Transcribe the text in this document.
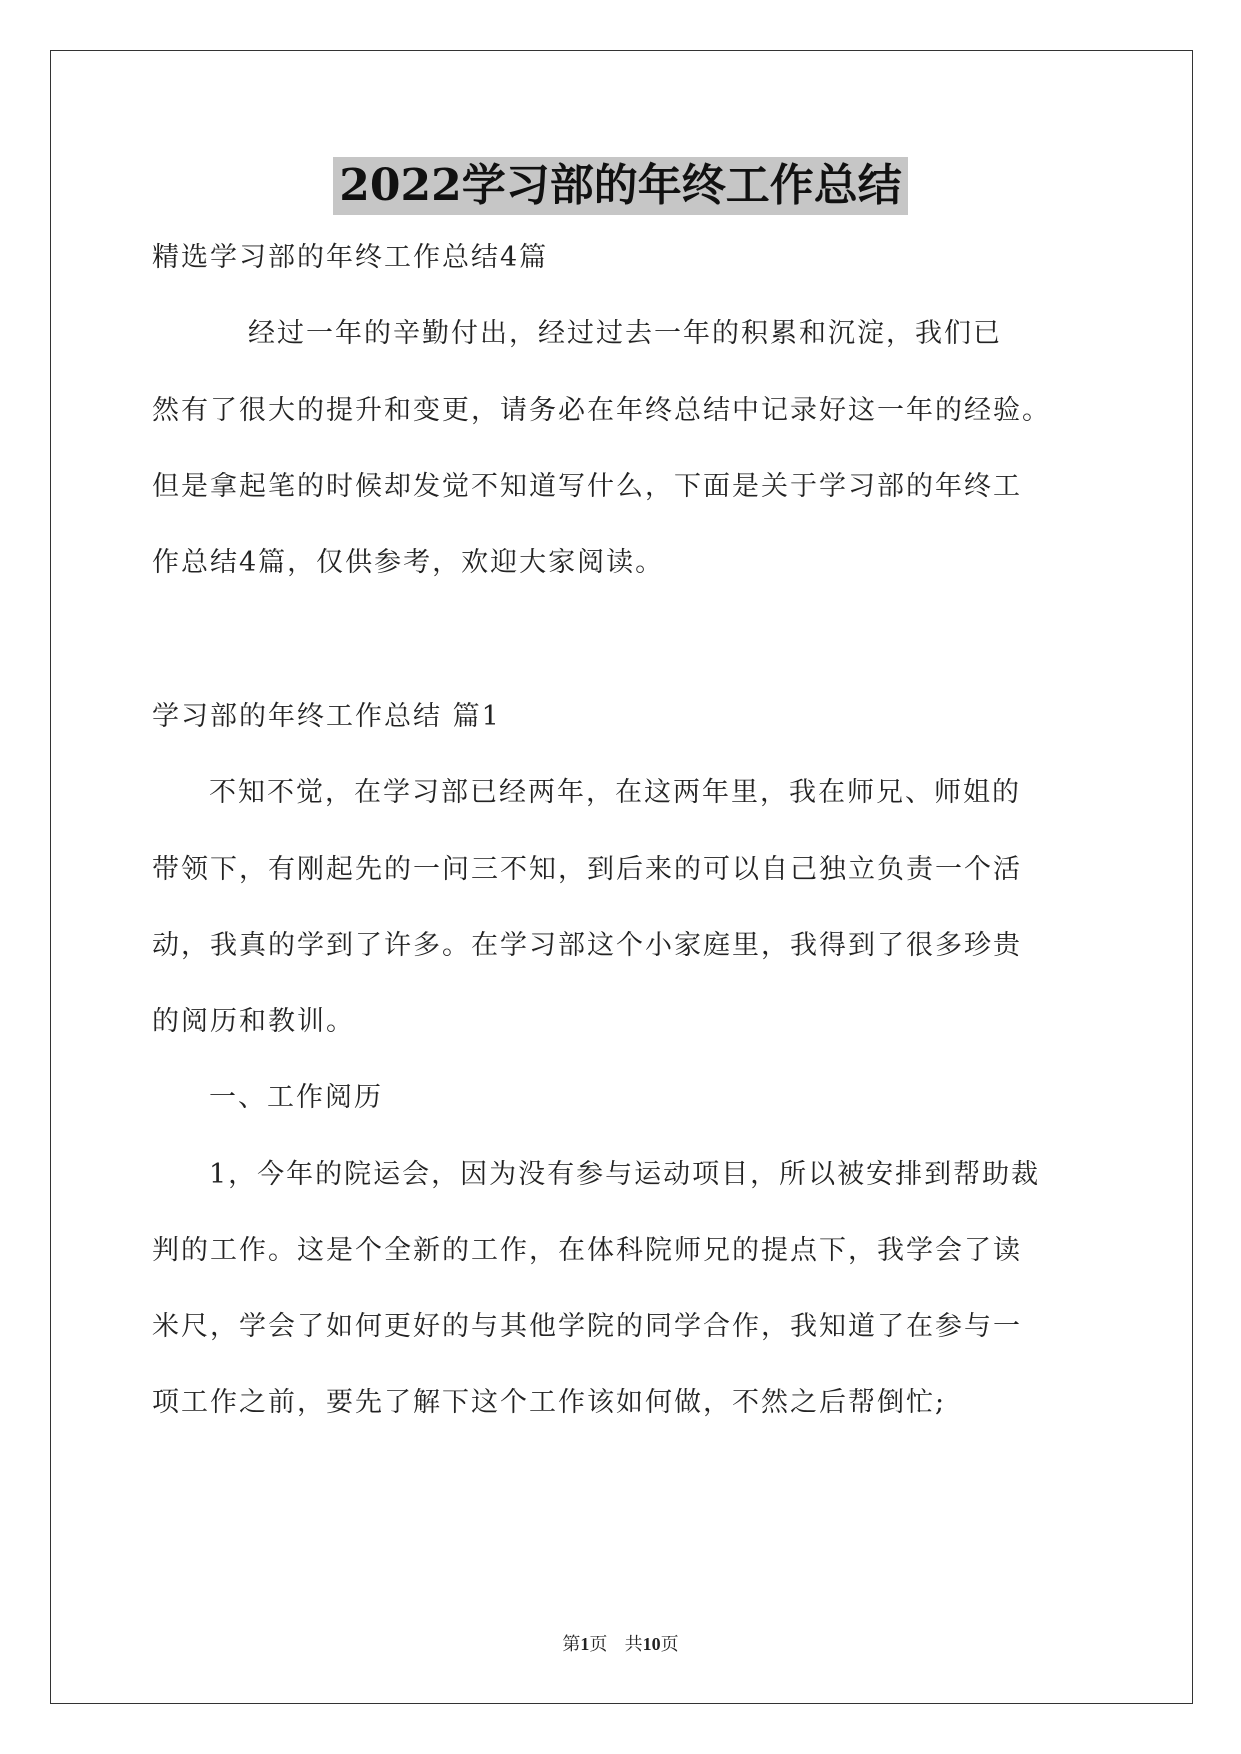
2022学习部的年终工作总结
精选学习部的年终工作总结4篇
经过一年的辛勤付出，经过过去一年的积累和沉淀，我们已
然有了很大的提升和变更，请务必在年终总结中记录好这一年的经验。
但是拿起笔的时候却发觉不知道写什么，下面是关于学习部的年终工
作总结4篇，仅供参考，欢迎大家阅读。
学习部的年终工作总结 篇1
不知不觉，在学习部已经两年，在这两年里，我在师兄、师姐的
带领下，有刚起先的一问三不知，到后来的可以自己独立负责一个活
动，我真的学到了许多。在学习部这个小家庭里，我得到了很多珍贵
的阅历和教训。
一、工作阅历
1，今年的院运会，因为没有参与运动项目，所以被安排到帮助裁
判的工作。这是个全新的工作，在体科院师兄的提点下，我学会了读
米尺，学会了如何更好的与其他学院的同学合作，我知道了在参与一
项工作之前，要先了解下这个工作该如何做，不然之后帮倒忙;
第1页   共10页
